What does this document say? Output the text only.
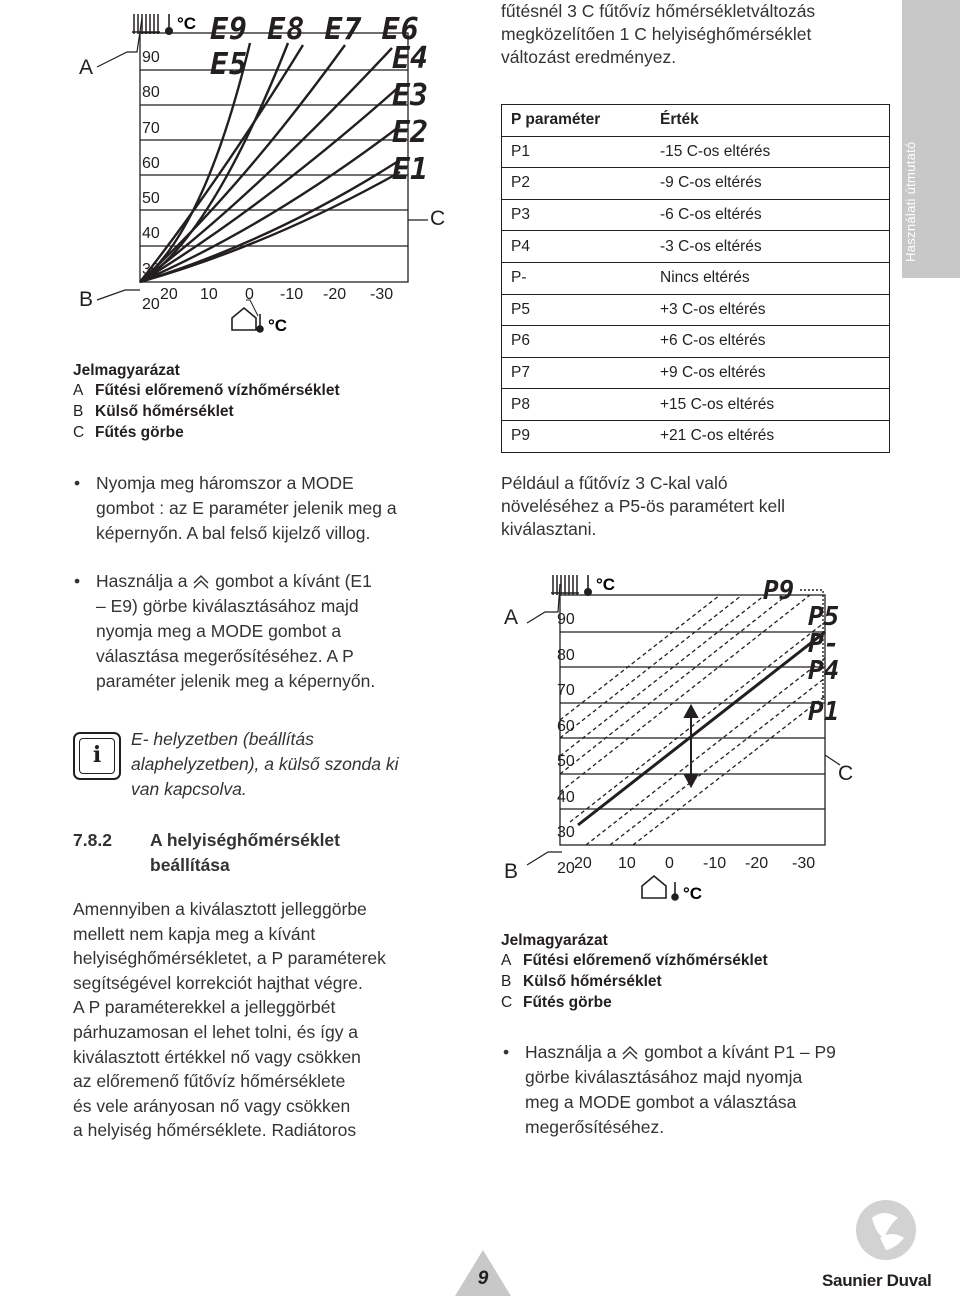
Használati útmutató
°C
°C
A
B
C
E9 E8 E7 E6 E5	E4
E3
E2
E1
90
80
70
60
50
40
30
20
20	10	0	-10	-20	-30
Jelmagyarázat
A Fűtési előremenő vízhőmérséklet
B Külső hőmérséklet
C Fűtés görbe
• Nyomja meg háromszor a MODE
gombot : az E paraméter jelenik meg a
képernyőn. A bal felső kijelző villog.
• Használja a gombot a kívánt (E1
– E9) görbe kiválasztásához majd
nyomja meg a MODE gombot a
választása megerősítéséhez. A P
paraméter jelenik meg a képernyőn.
i
E- helyzetben (beállítás
alaphelyzetben), a külső szonda ki
van kapcsolva.
7.8.2 A helyiséghőmérséklet
beállítása
Amennyiben a kiválasztott jelleggörbe
mellett nem kapja meg a kívánt
helyiséghőmérsékletet, a P paraméterek
segítségével korrekciót hajthat végre.
A P paraméterekkel a jelleggörbét
párhuzamosan el lehet tolni, és így a
kiválasztott értékkel nő vagy csökken
az előremenő fűtővíz hőmérséklete
és vele arányosan nő vagy csökken
a helyiség hőmérséklete. Radiátoros
fűtésnél 3 C fűtővíz hőmérsékletváltozás
megközelítően 1 C helyiséghőmérséklet
változást eredményez.
P paraméter	Érték
P1	-15 C-os eltérés
P2	-9 C-os eltérés
P3	-6 C-os eltérés
P4	-3 C-os eltérés
P-	Nincs eltérés
P5	+3 C-os eltérés
P6	+6 C-os eltérés
P7	+9 C-os eltérés
P8	+15 C-os eltérés
P9	+21 C-os eltérés
Például a fűtővíz 3 C-kal való
növeléséhez a P5-ös paramétert kell
kiválasztani.
°C
°C
A
B
C
P9
P5
P-
P4
P1
90
80
70
60
50
40
30
20 20	10	0	-10	-20	-30
Jelmagyarázat
A Fűtési előremenő vízhőmérséklet
B Külső hőmérséklet
C Fűtés görbe
• Használja a gombot a kívánt P1 – P9
görbe kiválasztásához majd nyomja
meg a MODE gombot a választása
megerősítéséhez.
9	Saunier Duval
